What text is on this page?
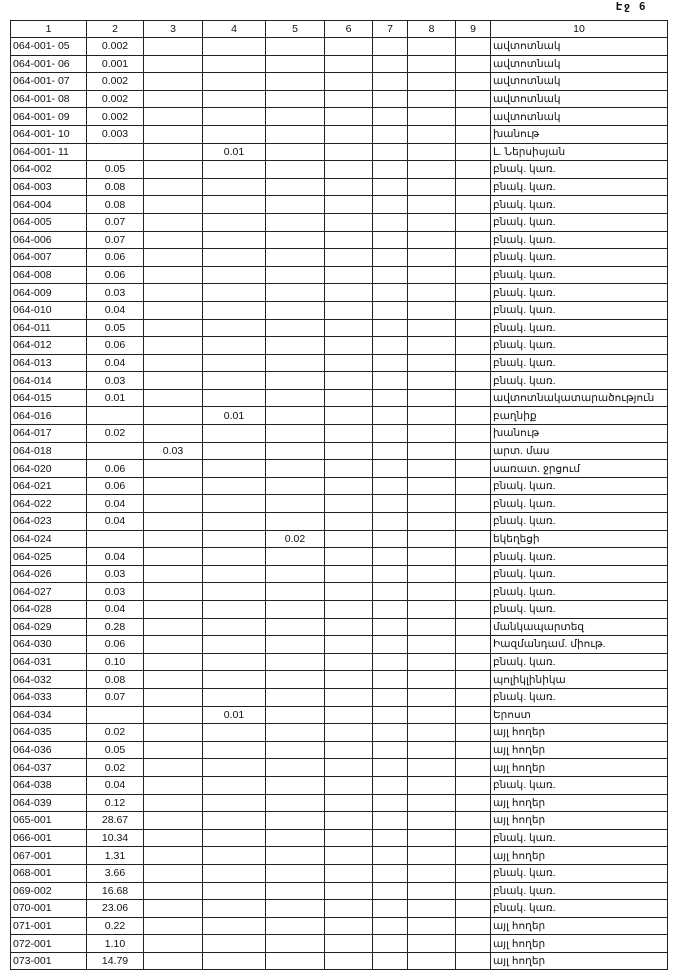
Էջ 6
1	2	3	4	5	6	7	8	9	10
064-001- 05	0.002								ավտոտնակ
064-001- 06	0.001								ավտոտնակ
064-001- 07	0.002								ավտոտնակ
064-001- 08	0.002								ավտոտնակ
064-001- 09	0.002								ավտոտնակ
064-001- 10	0.003								խանութ
064-001- 11			0.01						Լ. Ներսիսյան
064-002	0.05								բնակ. կառ.
064-003	0.08								բնակ. կառ.
064-004	0.08								բնակ. կառ.
064-005	0.07								բնակ. կառ.
064-006	0.07								բնակ. կառ.
064-007	0.06								բնակ. կառ.
064-008	0.06								բնակ. կառ.
064-009	0.03								բնակ. կառ.
064-010	0.04								բնակ. կառ.
064-011	0.05								բնակ. կառ.
064-012	0.06								բնակ. կառ.
064-013	0.04								բնակ. կառ.
064-014	0.03								բնակ. կառ.
064-015	0.01								ավտոտնակատարածություն
064-016			0.01						բաղնիք
064-017	0.02								խանութ
064-018		0.03							արտ. մաս
064-020	0.06								սառատ. ջրցում
064-021	0.06								բնակ. կառ.
064-022	0.04								բնակ. կառ.
064-023	0.04								բնակ. կառ.
064-024				0.02					եկեղեցի
064-025	0.04								բնակ. կառ.
064-026	0.03								բնակ. կառ.
064-027	0.03								բնակ. կառ.
064-028	0.04								բնակ. կառ.
064-029	0.28								մանկապարտեզ
064-030	0.06								Իազմանդամ. միութ.
064-031	0.10								բնակ. կառ.
064-032	0.08								պոլիկլինիկա
064-033	0.07								բնակ. կառ.
064-034			0.01						Երոստ
064-035	0.02								այլ հողեր
064-036	0.05								այլ հողեր
064-037	0.02								այլ հողեր
064-038	0.04								բնակ. կառ.
064-039	0.12								այլ հողեր
065-001	28.67								այլ հողեր
066-001	10.34								բնակ. կառ.
067-001	1.31								այլ հողեր
068-001	3.66								բնակ. կառ.
069-002	16.68								բնակ. կառ.
070-001	23.06								բնակ. կառ.
071-001	0.22								այլ հողեր
072-001	1.10								այլ հողեր
073-001	14.79								այլ հողեր
